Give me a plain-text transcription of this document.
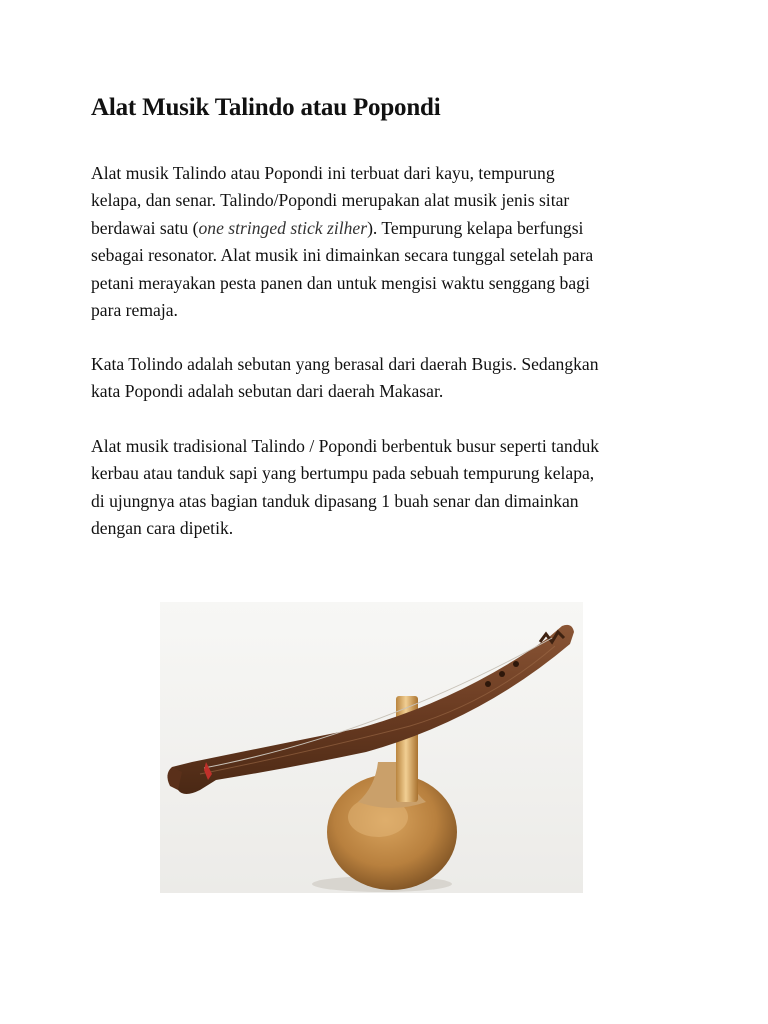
Alat Musik Talindo atau Popondi

Alat musik Talindo atau Popondi ini terbuat dari kayu, tempurung
kelapa, dan senar. Talindo/Popondi merupakan alat musik jenis sitar
berdawai satu (one stringed stick zilher). Tempurung kelapa berfungsi
sebagai resonator. Alat musik ini dimainkan secara tunggal setelah para
petani merayakan pesta panen dan untuk mengisi waktu senggang bagi
para remaja.

Kata Tolindo adalah sebutan yang berasal dari daerah Bugis. Sedangkan
kata Popondi adalah sebutan dari daerah Makasar.

Alat musik tradisional Talindo / Popondi berbentuk busur seperti tanduk
kerbau atau tanduk sapi yang bertumpu pada sebuah tempurung kelapa,
di ujungnya atas bagian tanduk dipasang 1 buah senar dan dimainkan
dengan cara dipetik.
